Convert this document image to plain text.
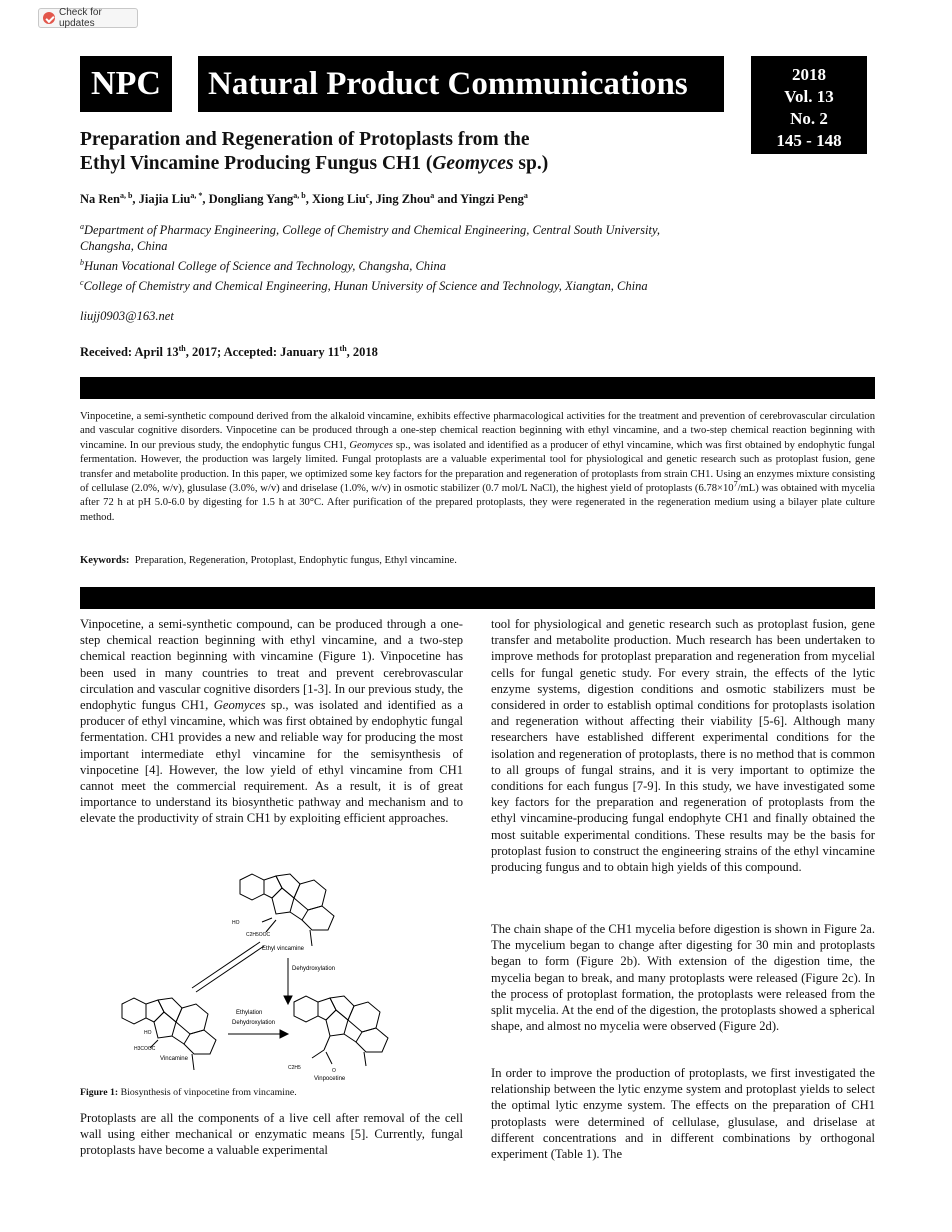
Check for updates
NPC	Natural Product Communications	2018
Vol. 13
No. 2
145 - 148
Preparation and Regeneration of Protoplasts from the
Ethyl Vincamine Producing Fungus CH1 (Geomyces sp.)
Na Ren$^{a, b}$, Jiajia Liu$^{a, *}$, Dongliang Yang$^{a, b}$, Xiong Liu$^c$, Jing Zhou$^a$ and Yingzi Peng$^a$
$^a$Department of Pharmacy Engineering, College of Chemistry and Chemical Engineering, Central South University, Changsha, China
$^b$Hunan Vocational College of Science and Technology, Changsha, China
$^c$College of Chemistry and Chemical Engineering, Hunan University of Science and Technology, Xiangtan, China
liujj0903@163.net
Received: April 13th, 2017; Accepted: January 11th, 2018
Vinpocetine, a semi-synthetic compound derived from the alkaloid vincamine, exhibits effective pharmacological activities for the treatment and prevention of cerebrovascular circulation and vascular cognitive disorders. Vinpocetine can be produced through a one-step chemical reaction beginning with ethyl vincamine, and a two-step chemical reaction beginning with vincamine. In our previous study, the endophytic fungus CH1, Geomyces sp., was isolated and identified as a producer of ethyl vincamine, which was first obtained by endophytic fungal fermentation. However, the production was largely limited. Fungal protoplasts are a valuable experimental tool for physiological and genetic research such as protoplast fusion, gene transfer and metabolite production. In this paper, we optimized some key factors for the preparation and regeneration of protoplasts from strain CH1. Using an enzymes mixture consisting of cellulase (2.0%, w/v), glusulase (3.0%, w/v) and driselase (1.0%, w/v) in osmotic stabilizer (0.7 mol/L NaCl), the highest yield of protoplasts $(6.78\times 10^7/mL)$ was obtained with mycelia after 72 h at pH 5.0-6.0 by digesting for 1.5 h at 30°C. After purification of the prepared protoplasts, they were regenerated in the regeneration medium using a bilayer plate culture method.
Keywords: Preparation, Regeneration, Protoplast, Endophytic fungus, Ethyl vincamine.
Vinpocetine, a semi-synthetic compound, can be produced through a one-step chemical reaction beginning with ethyl vincamine, and a two-step chemical reaction beginning with vincamine (Figure 1). Vinpocetine has been used in many countries to treat and prevent cerebrovascular circulation and vascular cognitive disorders [1-3]. In our previous study, the endophytic fungus CH1, Geomyces sp., was isolated and identified as a producer of ethyl vincamine, which was first obtained by endophytic fungal fermentation. CH1 provides a new and reliable way for producing the most important intermediate ethyl vincamine for the semisynthesis of vinpocetine [4]. However, the low yield of ethyl vincamine from CH1 cannot meet the commercial requirement. As a result, it is of great importance to understand its biosynthetic pathway and mechanism and to elevate the productivity of strain CH1 by exploiting efficient approaches.
HO
C2H5OOC
Ethyl vincamine
Dehydroxylation
Ethylation
Dehydroxylation
HO
H3COOC
Vincamine
O
C2H5
Vinpocetine
Figure 1: Biosynthesis of vinpocetine from vincamine.
Protoplasts are all the components of a live cell after removal of the cell wall using either mechanical or enzymatic means [5]. Currently, fungal protoplasts have become a valuable experimental
tool for physiological and genetic research such as protoplast fusion, gene transfer and metabolite production. Much research has been undertaken to improve methods for protoplast preparation and regeneration from mycelial cells for fungal genetic study. For every strain, the effects of the lytic enzyme systems, digestion conditions and osmotic stabilizers must be considered in order to establish optimal conditions for protoplasts isolation and regeneration without affecting their viability [5-6]. Although many researchers have established different experimental conditions for the isolation and regeneration of protoplasts, there is no method that is common to all groups of fungal strains, and it is very important to optimize the conditions for each fungus [7-9]. In this study, we have investigated some key factors for the preparation and regeneration of protoplasts from the ethyl vincamine-producing fungal endophyte CH1 and finally obtained the most suitable experimental conditions. These results may be the basis for protoplast fusion to construct the engineering strains of the ethyl vincamine producing fungus and to obtain high yields of this compound.
The chain shape of the CH1 mycelia before digestion is shown in Figure 2a. The mycelium began to change after digesting for 30 min and protoplasts began to form (Figure 2b). With extension of the digestion time, the mycelia began to break, and many protoplasts were released (Figure 2c). In the process of protoplast formation, the protoplasts were released from the split mycelia. At the end of the digestion, the protoplasts showed a spherical shape, and almost no mycelia were observed (Figure 2d).
In order to improve the production of protoplasts, we first investigated the relationship between the lytic enzyme system and protoplast yields to select the optimal lytic enzyme system. The effects on the preparation of CH1 protoplasts were determined of cellulase, glusulase, and driselase at different concentrations and in different combinations by orthogonal experiment (Table 1). The
